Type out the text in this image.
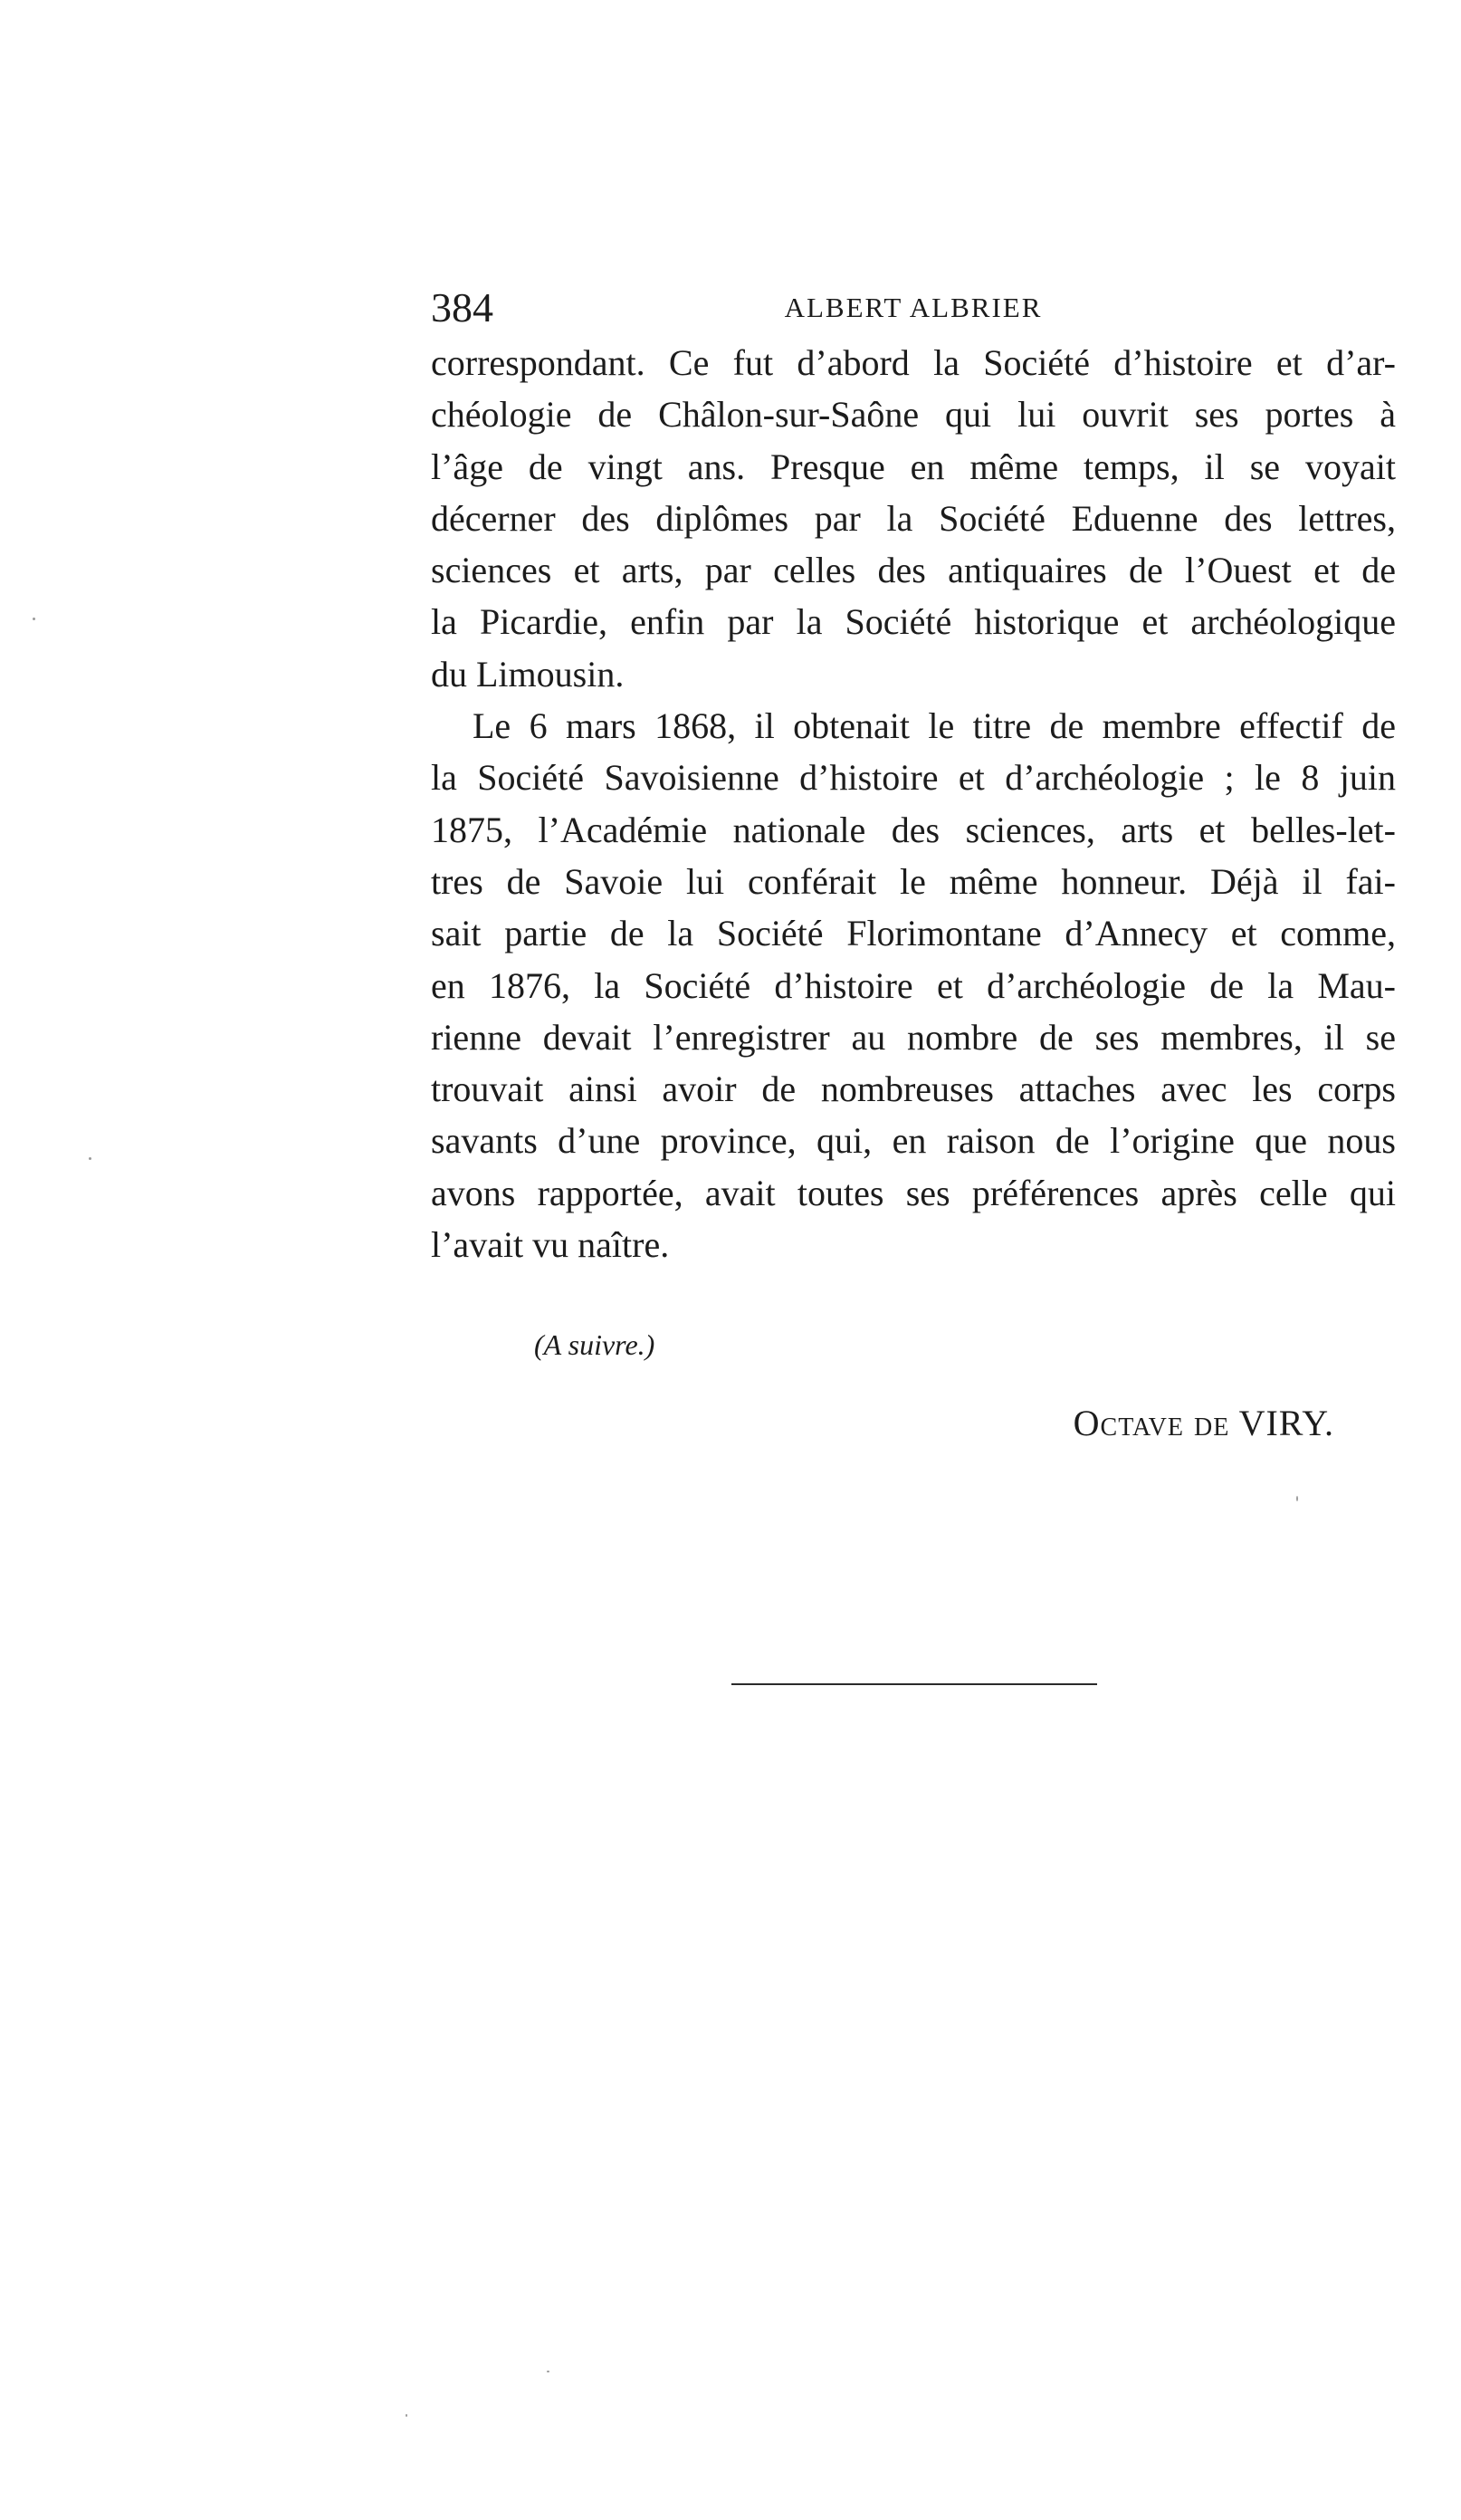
384	ALBERT ALBRIER
correspondant. Ce fut d’abord la Société d’histoire et d’ar-
chéologie de Châlon-sur-Saône qui lui ouvrit ses portes à
l’âge de vingt ans. Presque en même temps, il se voyait
décerner des diplômes par la Société Eduenne des lettres,
sciences et arts, par celles des antiquaires de l’Ouest et de
la Picardie, enfin par la Société historique et archéologique
du Limousin.
Le 6 mars 1868, il obtenait le titre de membre effectif de
la Société Savoisienne d’histoire et d’archéologie ; le 8 juin
1875, l’Académie nationale des sciences, arts et belles-let-
tres de Savoie lui conférait le même honneur. Déjà il fai-
sait partie de la Société Florimontane d’Annecy et comme,
en 1876, la Société d’histoire et d’archéologie de la Mau-
rienne devait l’enregistrer au nombre de ses membres, il se
trouvait ainsi avoir de nombreuses attaches avec les corps
savants d’une province, qui, en raison de l’origine que nous
avons rapportée, avait toutes ses préférences après celle qui
l’avait vu naître.
(A suivre.)
Octave de VIRY.
